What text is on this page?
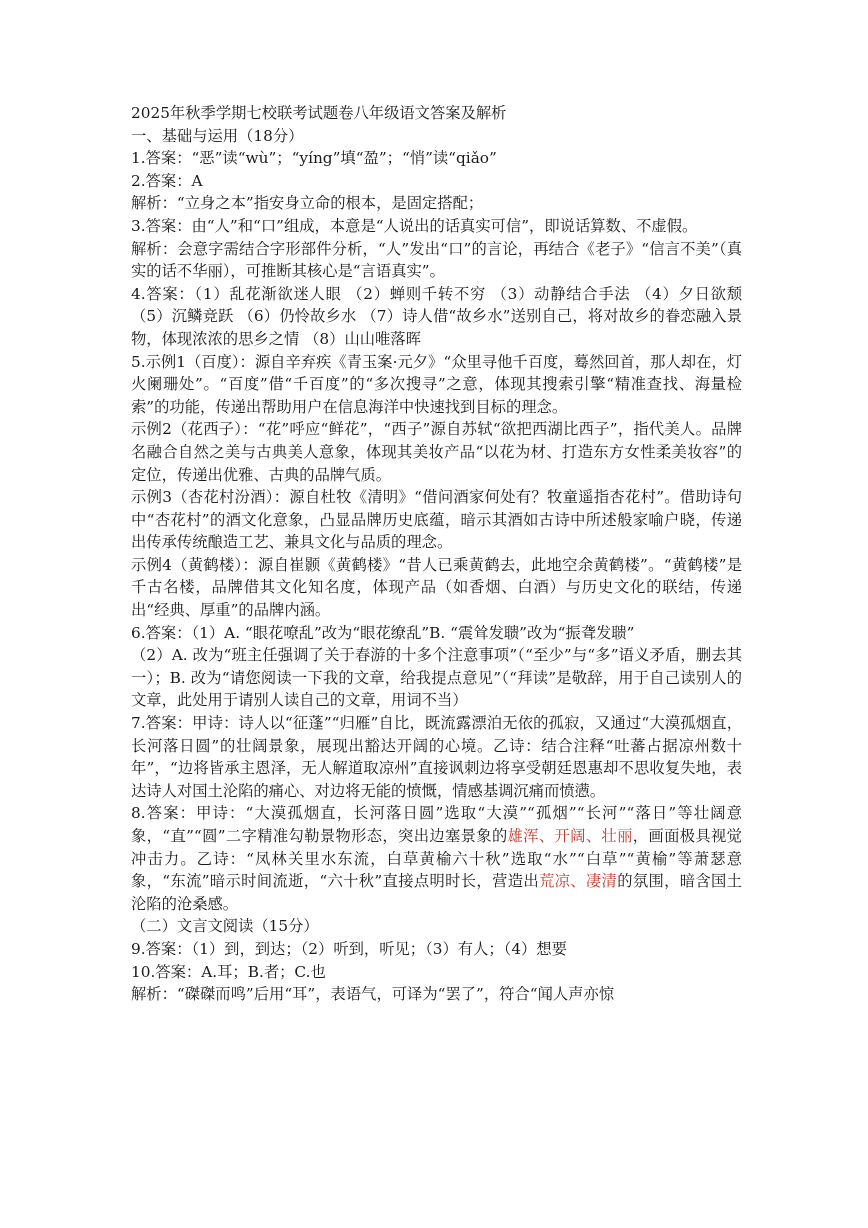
2025年秋季学期七校联考试题卷八年级语文答案及解析

一、基础与运用（18分）

1.答案：“恶”读“wù”；“yíng”填“盈”；“悄”读“qiǎo”

2.答案：A

解析：“立身之本”指安身立命的根本，是固定搭配；

3.答案：由“人”和“口”组成，本意是“人说出的话真实可信”，即说话算数、不虚假。

解析：会意字需结合字形部件分析，“人”发出“口”的言论，再结合《老子》“信言不美”（真实的话不华丽），可推断其核心是“言语真实”。

4.答案：（1）乱花渐欲迷人眼 （2）蝉则千转不穷 （3）动静结合手法 （4）夕日欲颓 （5）沉鳞竞跃 （6）仍怜故乡水 （7）诗人借“故乡水”送别自己，将对故乡的眷恋融入景物，体现浓浓的思乡之情 （8）山山唯落晖

5.示例1（百度）：源自辛弃疾《青玉案·元夕》“众里寻他千百度，蓦然回首，那人却在，灯火阑珊处”。“百度”借“千百度”的“多次搜寻”之意，体现其搜索引擎“精准查找、海量检索”的功能，传递出帮助用户在信息海洋中快速找到目标的理念。

示例2（花西子）：“花”呼应“鲜花”，“西子”源自苏轼“欲把西湖比西子”，指代美人。品牌名融合自然之美与古典美人意象，体现其美妆产品“以花为材、打造东方女性柔美妆容”的定位，传递出优雅、古典的品牌气质。

示例3（杏花村汾酒）：源自杜牧《清明》“借问酒家何处有？牧童遥指杏花村”。借助诗句中“杏花村”的酒文化意象，凸显品牌历史底蕴，暗示其酒如古诗中所述般家喻户晓，传递出传承传统酿造工艺、兼具文化与品质的理念。

示例4（黄鹤楼）：源自崔颢《黄鹤楼》“昔人已乘黄鹤去，此地空余黄鹤楼”。“黄鹤楼”是千古名楼，品牌借其文化知名度，体现产品（如香烟、白酒）与历史文化的联结，传递出“经典、厚重”的品牌内涵。

6.答案：（1）A. “眼花嘹乱”改为“眼花缭乱”B. “震耸发聩”改为“振聋发聩”

（2）A. 改为“班主任强调了关于春游的十多个注意事项”（“至少”与“多”语义矛盾，删去其一）；B. 改为“请您阅读一下我的文章，给我提点意见”（“拜读”是敬辞，用于自己读别人的文章，此处用于请别人读自己的文章，用词不当）

7.答案：甲诗：诗人以“征蓬”“归雁”自比，既流露漂泊无依的孤寂，又通过“大漠孤烟直，长河落日圆”的壮阔景象，展现出豁达开阔的心境。乙诗：结合注释“吐蕃占据凉州数十年”，“边将皆承主恩泽，无人解道取凉州”直接讽刺边将享受朝廷恩惠却不思收复失地，表达诗人对国土沦陷的痛心、对边将无能的愤慨，情感基调沉痛而愤懑。

8.答案：甲诗：“大漠孤烟直，长河落日圆”选取“大漠”“孤烟”“长河”“落日”等壮阔意象，“直”“圆”二字精准勾勒景物形态，突出边塞景象的雄浑、开阔、壮丽，画面极具视觉冲击力。乙诗：“凤林关里水东流，白草黄榆六十秋”选取“水”“白草”“黄榆”等萧瑟意象，“东流”暗示时间流逝，“六十秋”直接点明时长，营造出荒凉、凄清的氛围，暗含国土沦陷的沧桑感。

（二）文言文阅读（15分）

9.答案：（1）到，到达；（2）听到，听见；（3）有人；（4）想要

10.答案：A.耳；B.者；C.也

解析：“磔磔而鸣”后用“耳”，表语气，可译为“罢了”，符合“闻人声亦惊
